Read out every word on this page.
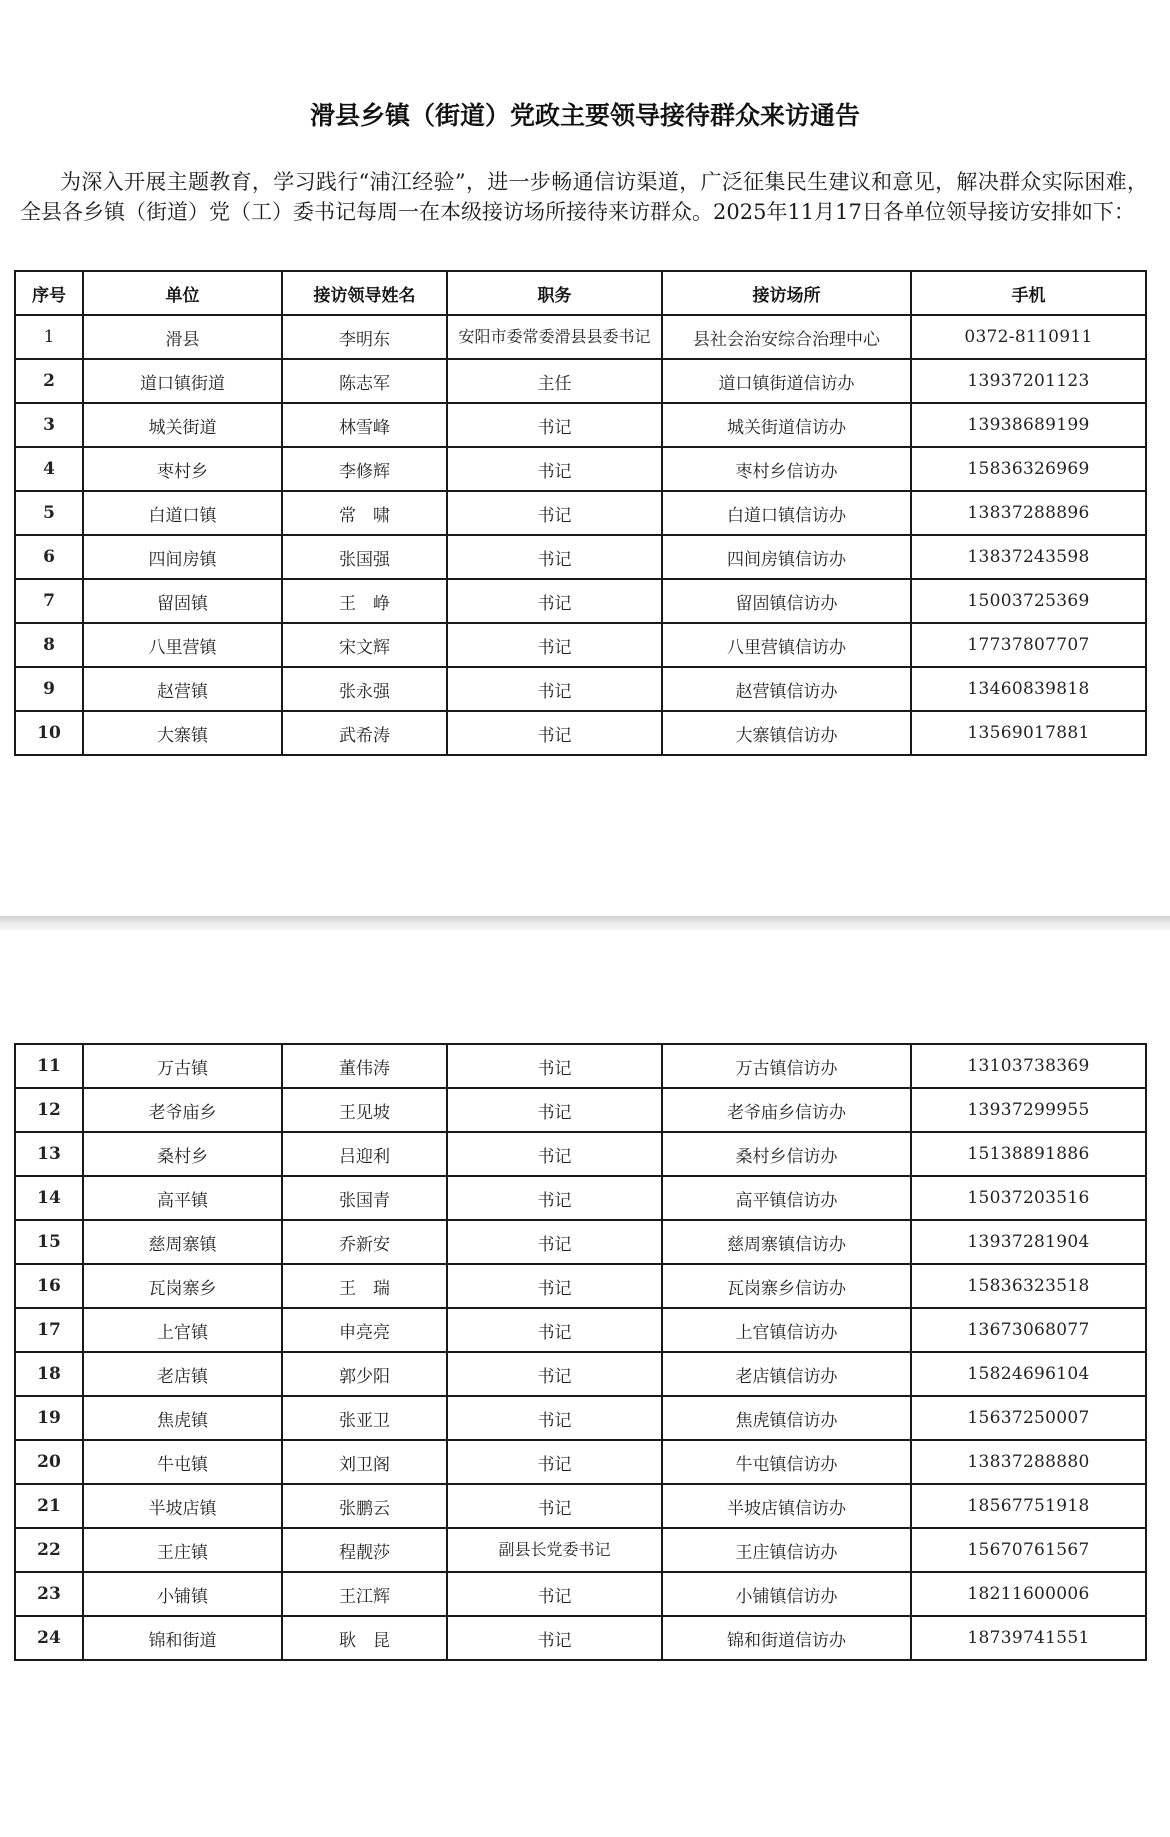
滑县乡镇（街道）党政主要领导接待群众来访通告

为深入开展主题教育，学习践行“浦江经验”，进一步畅通信访渠道，广泛征集民生建议和意见，解决群众实际困难，全县各乡镇（街道）党（工）委书记每周一在本级接访场所接待来访群众。2025年11月17日各单位领导接访安排如下：

序号	单位	接访领导姓名	职务	接访场所	手机
1	滑县	李明东	安阳市委常委滑县县委书记	县社会治安综合治理中心	0372-8110911
2	道口镇街道	陈志军	主任	道口镇街道信访办	13937201123
3	城关街道	林雪峰	书记	城关街道信访办	13938689199
4	枣村乡	李修辉	书记	枣村乡信访办	15836326969
5	白道口镇	常　啸	书记	白道口镇信访办	13837288896
6	四间房镇	张国强	书记	四间房镇信访办	13837243598
7	留固镇	王　峥	书记	留固镇信访办	15003725369
8	八里营镇	宋文辉	书记	八里营镇信访办	17737807707
9	赵营镇	张永强	书记	赵营镇信访办	13460839818
10	大寨镇	武希涛	书记	大寨镇信访办	13569017881
11	万古镇	董伟涛	书记	万古镇信访办	13103738369
12	老爷庙乡	王见坡	书记	老爷庙乡信访办	13937299955
13	桑村乡	吕迎利	书记	桑村乡信访办	15138891886
14	高平镇	张国青	书记	高平镇信访办	15037203516
15	慈周寨镇	乔新安	书记	慈周寨镇信访办	13937281904
16	瓦岗寨乡	王　瑞	书记	瓦岗寨乡信访办	15836323518
17	上官镇	申亮亮	书记	上官镇信访办	13673068077
18	老店镇	郭少阳	书记	老店镇信访办	15824696104
19	焦虎镇	张亚卫	书记	焦虎镇信访办	15637250007
20	牛屯镇	刘卫阁	书记	牛屯镇信访办	13837288880
21	半坡店镇	张鹏云	书记	半坡店镇信访办	18567751918
22	王庄镇	程靓莎	副县长党委书记	王庄镇信访办	15670761567
23	小铺镇	王江辉	书记	小铺镇信访办	18211600006
24	锦和街道	耿　昆	书记	锦和街道信访办	18739741551
